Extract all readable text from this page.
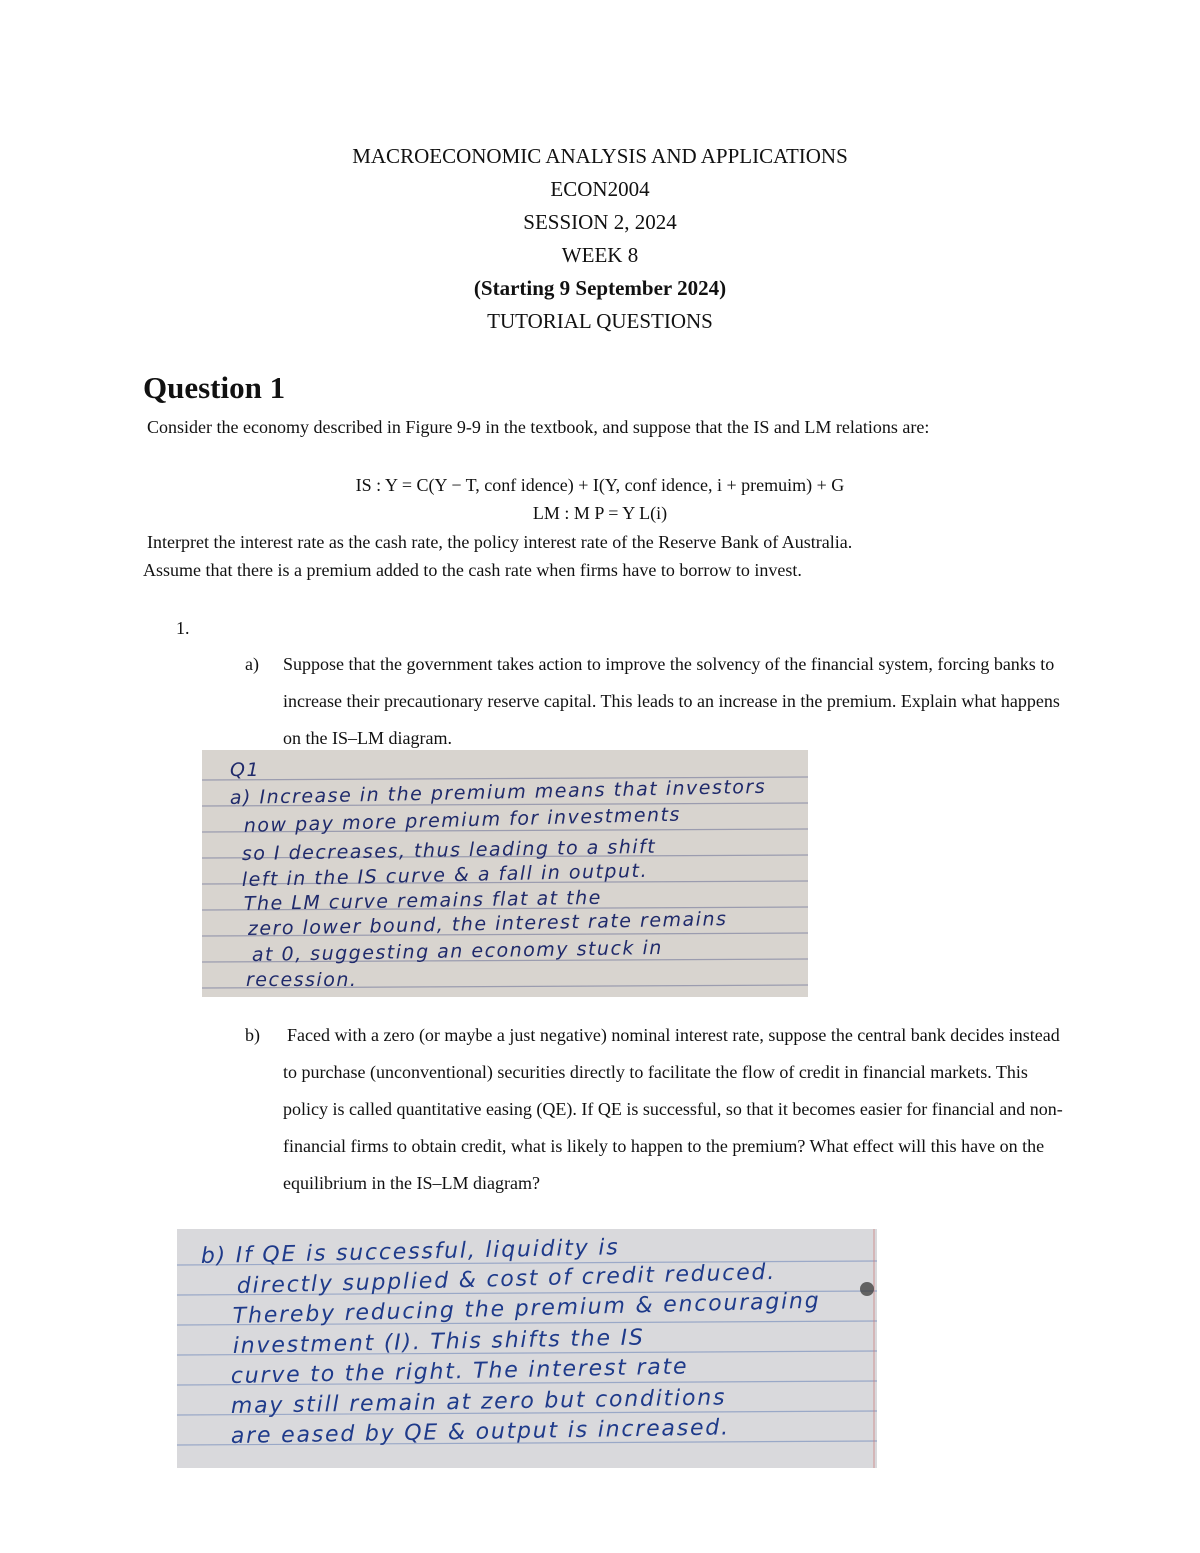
MACROECONOMIC ANALYSIS AND APPLICATIONS
ECON2004
SESSION 2, 2024
WEEK 8
(Starting 9 September 2024)
TUTORIAL QUESTIONS
Question 1

Consider the economy described in Figure 9-9 in the textbook, and suppose that the IS and LM relations are:

IS : Y = C(Y − T, conf idence) + I(Y, conf idence, i + premuim) + G

LM : M P = Y L(i)

Interpret the interest rate as the cash rate, the policy interest rate of the Reserve Bank of Australia.

Assume that there is a premium added to the cash rate when firms have to borrow to invest.

1.
a) Suppose that the government takes action to improve the solvency of the financial system, forcing banks to increase their precautionary reserve capital. This leads to an increase in the premium. Explain what happens on the IS–LM diagram.

Q1
a) Increase in the premium means that investors
now pay more premium for investments
so I decreases, thus leading to a shift
left in the IS curve & a fall in output.
The LM curve remains flat at the
zero lower bound, the interest rate remains
at 0, suggesting an economy stuck in
recession.
b) Faced with a zero (or maybe a just negative) nominal interest rate, suppose the central bank decides instead to purchase (unconventional) securities directly to facilitate the flow of credit in financial markets. This policy is called quantitative easing (QE). If QE is successful, so that it becomes easier for financial and non-financial firms to obtain credit, what is likely to happen to the premium? What effect will this have on the equilibrium in the IS–LM diagram?

b) If QE is successful, liquidity is
directly supplied & cost of credit reduced.
Thereby reducing the premium & encouraging
investment (I). This shifts the IS
curve to the right. The interest rate
may still remain at zero but conditions
are eased by QE & output is increased.
